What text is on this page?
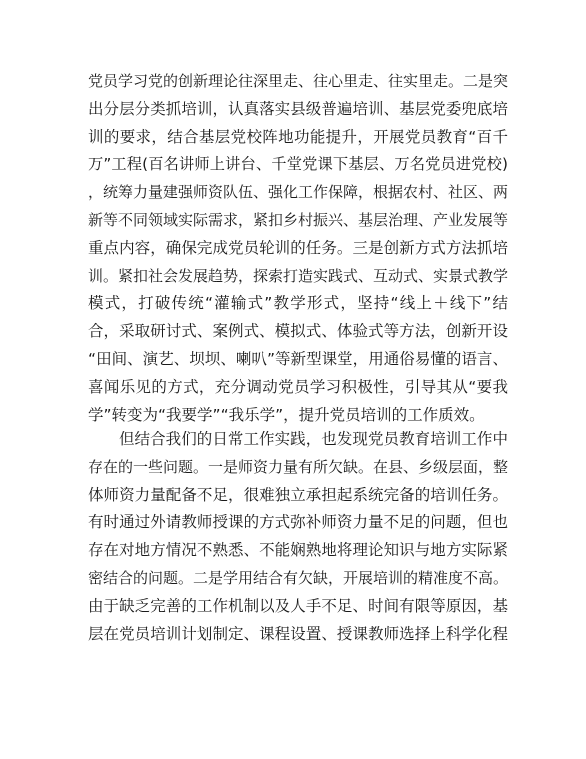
党员学习党的创新理论往深里走、往心里走、往实里走。二是突
出分层分类抓培训，认真落实县级普遍培训、基层党委兜底培
训的要求，结合基层党校阵地功能提升，开展党员教育“百千
万”工程(百名讲师上讲台、千堂党课下基层、万名党员进党校)
，统筹力量建强师资队伍、强化工作保障，根据农村、社区、两
新等不同领域实际需求，紧扣乡村振兴、基层治理、产业发展等
重点内容，确保完成党员轮训的任务。三是创新方式方法抓培
训。紧扣社会发展趋势，探索打造实践式、互动式、实景式教学
模式，打破传统“灌输式”教学形式，坚持“线上＋线下”结
合，采取研讨式、案例式、模拟式、体验式等方法，创新开设
“田间、演艺、坝坝、喇叭”等新型课堂，用通俗易懂的语言、
喜闻乐见的方式，充分调动党员学习积极性，引导其从“要我
学”转变为“我要学”“我乐学”，提升党员培训的工作质效。

但结合我们的日常工作实践，也发现党员教育培训工作中
存在的一些问题。一是师资力量有所欠缺。在县、乡级层面，整
体师资力量配备不足，很难独立承担起系统完备的培训任务。
有时通过外请教师授课的方式弥补师资力量不足的问题，但也
存在对地方情况不熟悉、不能娴熟地将理论知识与地方实际紧
密结合的问题。二是学用结合有欠缺，开展培训的精准度不高。
由于缺乏完善的工作机制以及人手不足、时间有限等原因，基
层在党员培训计划制定、课程设置、授课教师选择上科学化程
